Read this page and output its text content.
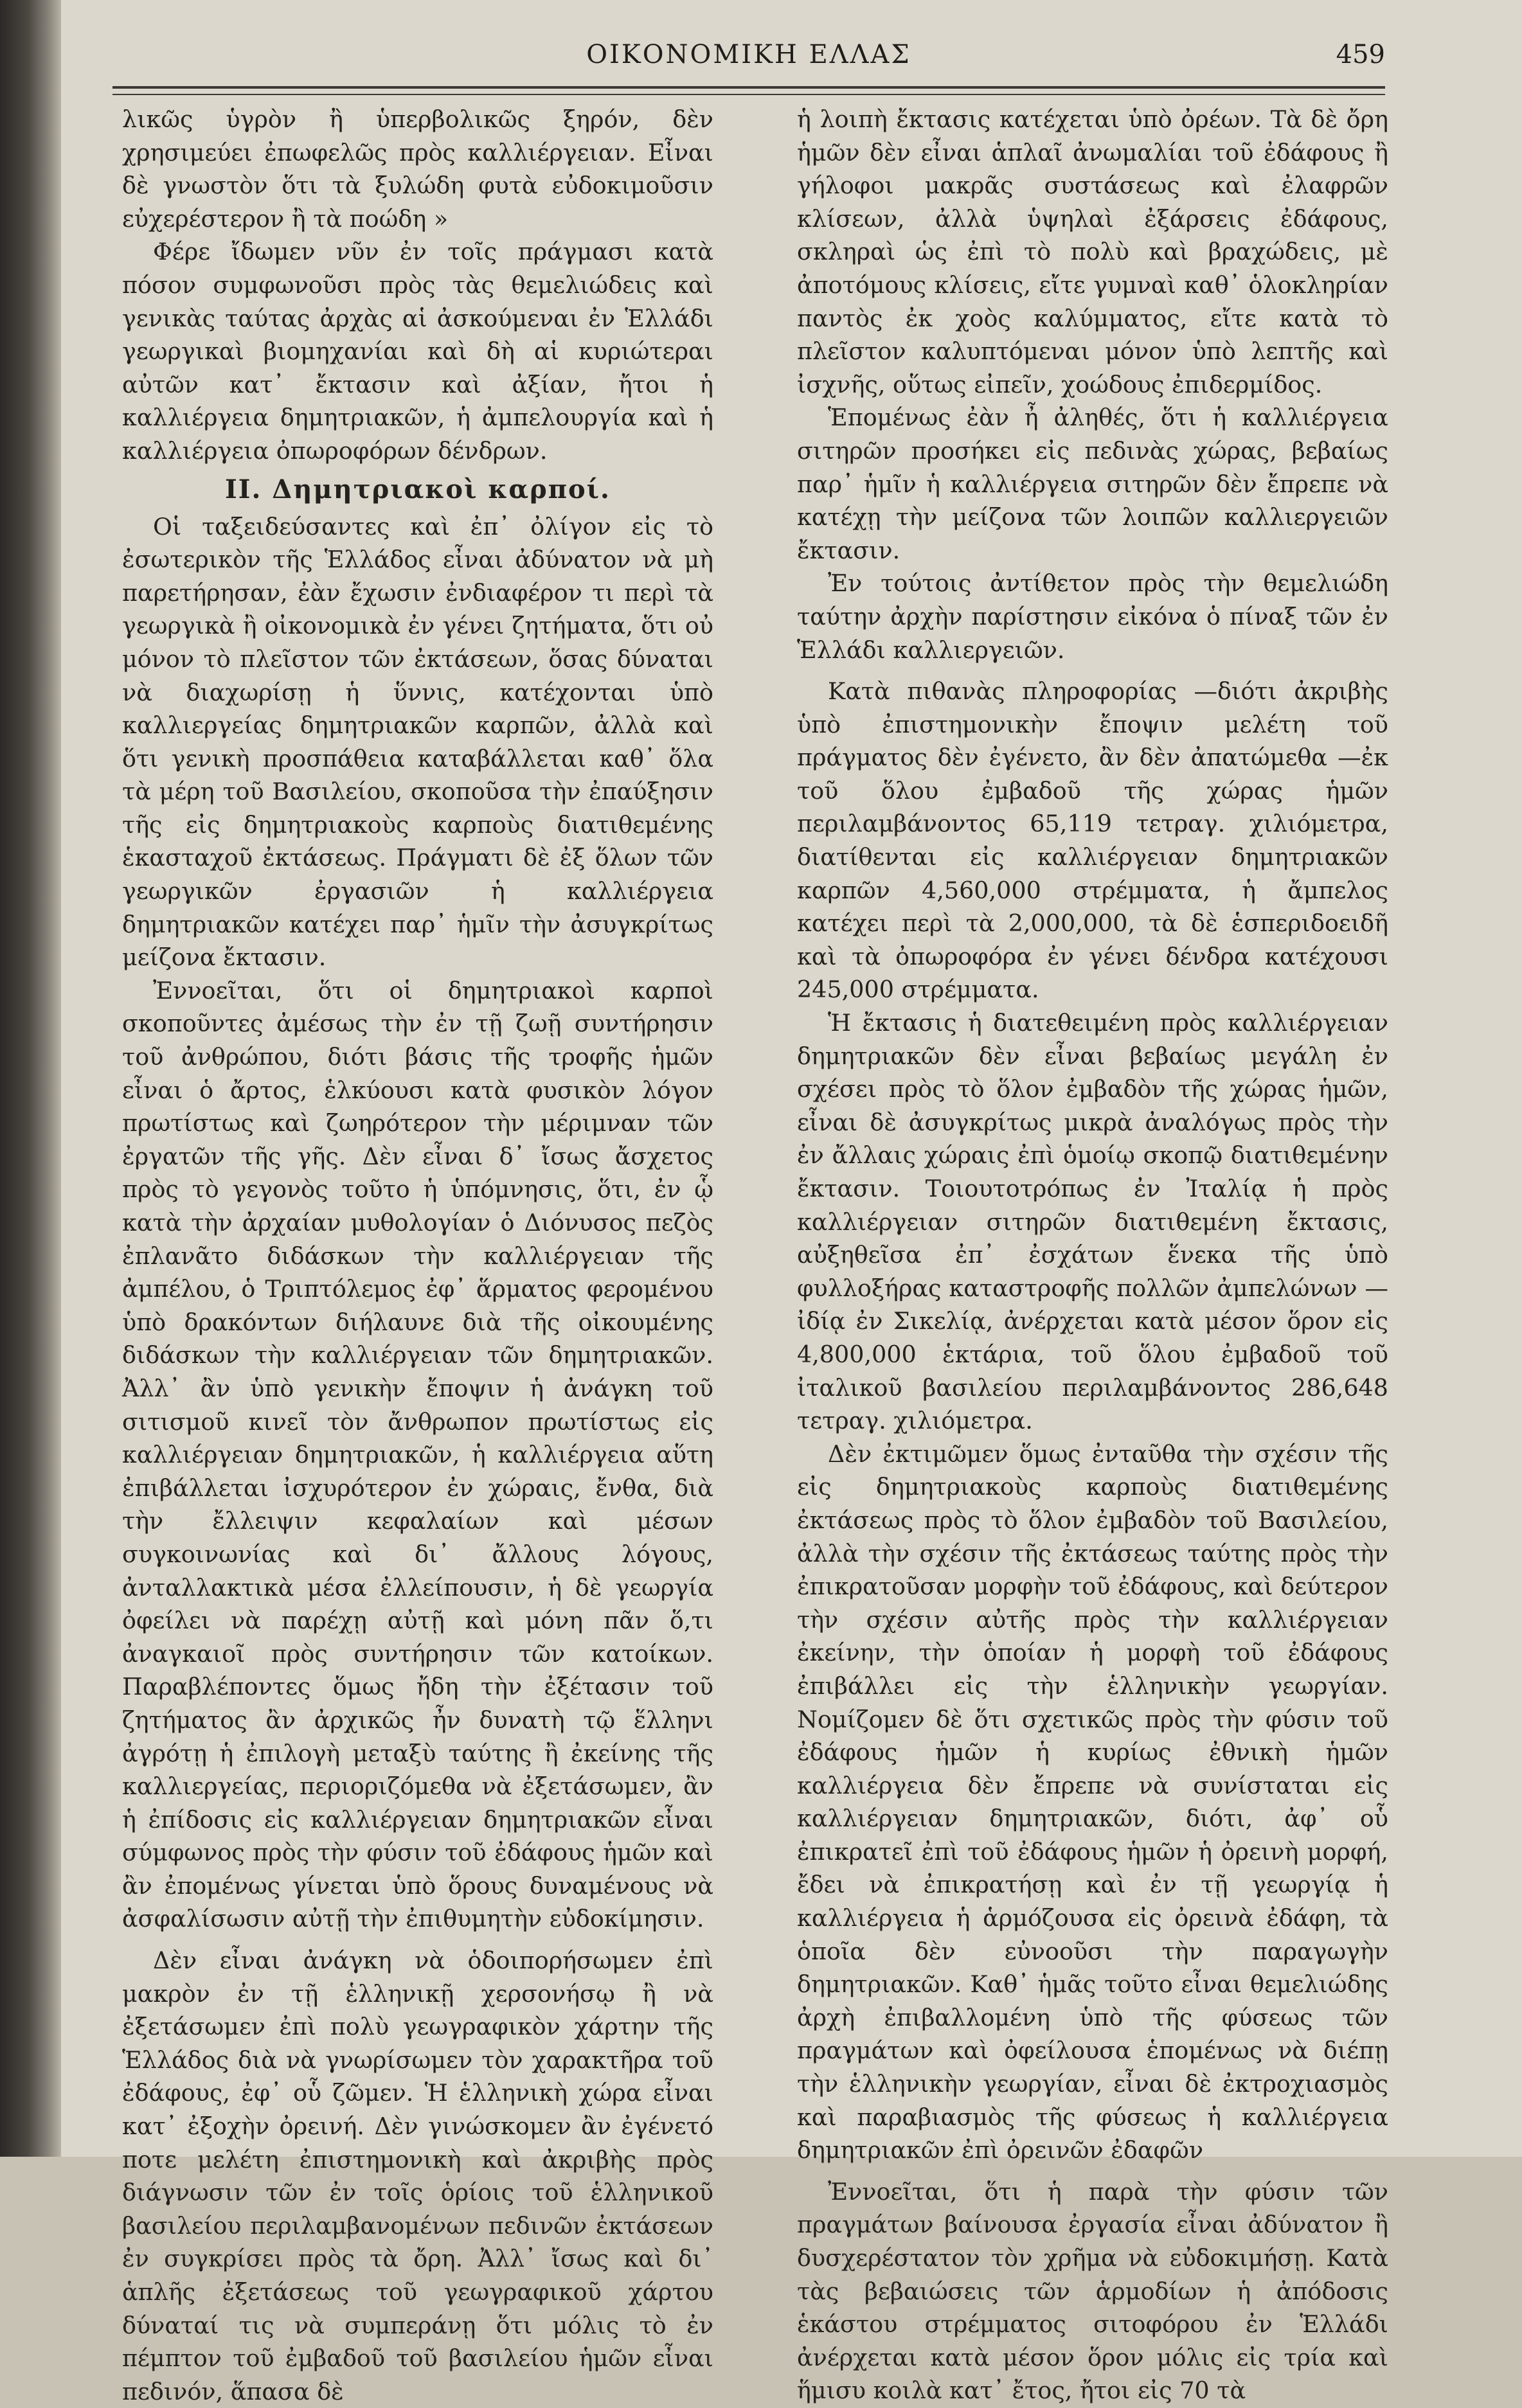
ΟΙΚΟΝΟΜΙΚΗ ΕΛΛΑΣ	459

λικῶς ὑγρὸν ἢ ὑπερβολικῶς ξηρόν, δὲν χρησιμεύει ἐπωφελῶς πρὸς καλλιέργειαν. Εἶναι δὲ γνωστὸν ὅτι τὰ ξυλώδη φυτὰ εὐδοκιμοῦσιν εὐχερέστερον ἢ τὰ ποώδη »

Φέρε ἴδωμεν νῦν ἐν τοῖς πράγμασι κατὰ πόσον συμφωνοῦσι πρὸς τὰς θεμελιώδεις καὶ γενικὰς ταύτας ἀρχὰς αἱ ἀσκούμεναι ἐν Ἑλλάδι γεωργικαὶ βιομηχανίαι καὶ δὴ αἱ κυριώτεραι αὐτῶν κατ᾽ ἔκτασιν καὶ ἀξίαν, ἤτοι ἡ καλλιέργεια δημητριακῶν, ἡ ἀμπελουργία καὶ ἡ καλλιέργεια ὀπωροφόρων δένδρων.

ΙΙ. Δημητριακοὶ καρποί.

Οἱ ταξειδεύσαντες καὶ ἐπ᾽ ὀλίγον εἰς τὸ ἐσωτερικὸν τῆς Ἑλλάδος εἶναι ἀδύνατον νὰ μὴ παρετήρησαν, ἐὰν ἔχωσιν ἐνδιαφέρον τι περὶ τὰ γεωργικὰ ἢ οἰκονομικὰ ἐν γένει ζητήματα, ὅτι οὐ μόνον τὸ πλεῖστον τῶν ἐκτάσεων, ὅσας δύναται νὰ διαχωρίσῃ ἡ ὕννις, κατέχονται ὑπὸ καλλιεργείας δημητριακῶν καρπῶν, ἀλλὰ καὶ ὅτι γενικὴ προσπάθεια καταβάλλεται καθ᾽ ὅλα τὰ μέρη τοῦ Βασιλείου, σκοποῦσα τὴν ἐπαύξησιν τῆς εἰς δημητριακοὺς καρποὺς διατιθεμένης ἑκασταχοῦ ἐκτάσεως. Πράγματι δὲ ἐξ ὅλων τῶν γεωργικῶν ἐργασιῶν ἡ καλλιέργεια δημητριακῶν κατέχει παρ᾽ ἡμῖν τὴν ἀσυγκρίτως μείζονα ἔκτασιν.

Ἐννοεῖται, ὅτι οἱ δημητριακοὶ καρποὶ σκοποῦντες ἀμέσως τὴν ἐν τῇ ζωῇ συντήρησιν τοῦ ἀνθρώπου, διότι βάσις τῆς τροφῆς ἡμῶν εἶναι ὁ ἄρτος, ἑλκύουσι κατὰ φυσικὸν λόγον πρωτίστως καὶ ζωηρότερον τὴν μέριμναν τῶν ἐργατῶν τῆς γῆς. Δὲν εἶναι δ᾽ ἴσως ἄσχετος πρὸς τὸ γεγονὸς τοῦτο ἡ ὑπόμνησις, ὅτι, ἐν ᾧ κατὰ τὴν ἀρχαίαν μυθολογίαν ὁ Διόνυσος πεζὸς ἐπλανᾶτο διδάσκων τὴν καλλιέργειαν τῆς ἀμπέλου, ὁ Τριπτόλεμος ἐφ᾽ ἅρματος φερομένου ὑπὸ δρακόντων διήλαυνε διὰ τῆς οἰκουμένης διδάσκων τὴν καλλιέργειαν τῶν δημητριακῶν. Ἀλλ᾽ ἂν ὑπὸ γενικὴν ἔποψιν ἡ ἀνάγκη τοῦ σιτισμοῦ κινεῖ τὸν ἄνθρωπον πρωτίστως εἰς καλλιέργειαν δημητριακῶν, ἡ καλλιέργεια αὕτη ἐπιβάλλεται ἰσχυρότερον ἐν χώραις, ἔνθα, διὰ τὴν ἔλλειψιν κεφαλαίων καὶ μέσων συγκοινωνίας καὶ δι᾽ ἄλλους λόγους, ἀνταλλακτικὰ μέσα ἐλλείπουσιν, ἡ δὲ γεωργία ὀφείλει νὰ παρέχῃ αὐτῇ καὶ μόνη πᾶν ὅ,τι ἀναγκαιοῖ πρὸς συντήρησιν τῶν κατοίκων. Παραβλέποντες ὅμως ἤδη τὴν ἐξέτασιν τοῦ ζητήματος ἂν ἀρχικῶς ἦν δυνατὴ τῷ ἕλληνι ἀγρότῃ ἡ ἐπιλογὴ μεταξὺ ταύτης ἢ ἐκείνης τῆς καλλιεργείας, περιοριζόμεθα νὰ ἐξετάσωμεν, ἂν ἡ ἐπίδοσις εἰς καλλιέργειαν δημητριακῶν εἶναι σύμφωνος πρὸς τὴν φύσιν τοῦ ἐδάφους ἡμῶν καὶ ἂν ἐπομένως γίνεται ὑπὸ ὅρους δυναμένους νὰ ἀσφαλίσωσιν αὐτῇ τὴν ἐπιθυμητὴν εὐδοκίμησιν.

Δὲν εἶναι ἀνάγκη νὰ ὁδοιπορήσωμεν ἐπὶ μακρὸν ἐν τῇ ἑλληνικῇ χερσονήσῳ ἢ νὰ ἐξετάσωμεν ἐπὶ πολὺ γεωγραφικὸν χάρτην τῆς Ἑλλάδος διὰ νὰ γνωρίσωμεν τὸν χαρακτῆρα τοῦ ἐδάφους, ἐφ᾽ οὗ ζῶμεν. Ἡ ἑλληνικὴ χώρα εἶναι κατ᾽ ἐξοχὴν ὀρεινή. Δὲν γινώσκομεν ἂν ἐγένετό ποτε μελέτη ἐπιστημονικὴ καὶ ἀκριβὴς πρὸς διάγνωσιν τῶν ἐν τοῖς ὁρίοις τοῦ ἑλληνικοῦ βασιλείου περιλαμβανομένων πεδινῶν ἐκτάσεων ἐν συγκρίσει πρὸς τὰ ὄρη. Ἀλλ᾽ ἴσως καὶ δι᾽ ἁπλῆς ἐξετάσεως τοῦ γεωγραφικοῦ χάρτου δύναταί τις νὰ συμπεράνῃ ὅτι μόλις τὸ ἐν πέμπτον τοῦ ἐμβαδοῦ τοῦ βασιλείου ἡμῶν εἶναι πεδινόν, ἅπασα δὲ

ἡ λοιπὴ ἔκτασις κατέχεται ὑπὸ ὀρέων. Τὰ δὲ ὄρη ἡμῶν δὲν εἶναι ἁπλαῖ ἀνωμαλίαι τοῦ ἐδάφους ἢ γήλοφοι μακρᾶς συστάσεως καὶ ἐλαφρῶν κλίσεων, ἀλλὰ ὑψηλαὶ ἐξάρσεις ἐδάφους, σκληραὶ ὡς ἐπὶ τὸ πολὺ καὶ βραχώδεις, μὲ ἀποτόμους κλίσεις, εἴτε γυμναὶ καθ᾽ ὁλοκληρίαν παντὸς ἐκ χοὸς καλύμματος, εἴτε κατὰ τὸ πλεῖστον καλυπτόμεναι μόνον ὑπὸ λεπτῆς καὶ ἰσχνῆς, οὕτως εἰπεῖν, χοώδους ἐπιδερμίδος.

Ἑπομένως ἐὰν ἦ ἀληθές, ὅτι ἡ καλλιέργεια σιτηρῶν προσήκει εἰς πεδινὰς χώρας, βεβαίως παρ᾽ ἡμῖν ἡ καλλιέργεια σιτηρῶν δὲν ἔπρεπε νὰ κατέχῃ τὴν μείζονα τῶν λοιπῶν καλλιεργειῶν ἔκτασιν.

Ἐν τούτοις ἀντίθετον πρὸς τὴν θεμελιώδη ταύτην ἀρχὴν παρίστησιν εἰκόνα ὁ πίναξ τῶν ἐν Ἑλλάδι καλλιεργειῶν.

Κατὰ πιθανὰς πληροφορίας —διότι ἀκριβὴς ὑπὸ ἐπιστημονικὴν ἔποψιν μελέτη τοῦ πράγματος δὲν ἐγένετο, ἂν δὲν ἀπατώμεθα —ἐκ τοῦ ὅλου ἐμβαδοῦ τῆς χώρας ἡμῶν περιλαμβάνοντος 65,119 τετραγ. χιλιόμετρα, διατίθενται εἰς καλλιέργειαν δημητριακῶν καρπῶν 4,560,000 στρέμματα, ἡ ἄμπελος κατέχει περὶ τὰ 2,000,000, τὰ δὲ ἑσπεριδοειδῆ καὶ τὰ ὀπωροφόρα ἐν γένει δένδρα κατέχουσι 245,000 στρέμματα.

Ἡ ἔκτασις ἡ διατεθειμένη πρὸς καλλιέργειαν δημητριακῶν δὲν εἶναι βεβαίως μεγάλη ἐν σχέσει πρὸς τὸ ὅλον ἐμβαδὸν τῆς χώρας ἡμῶν, εἶναι δὲ ἀσυγκρίτως μικρὰ ἀναλόγως πρὸς τὴν ἐν ἄλλαις χώραις ἐπὶ ὁμοίῳ σκοπῷ διατιθεμένην ἔκτασιν. Τοιουτοτρόπως ἐν Ἰταλίᾳ ἡ πρὸς καλλιέργειαν σιτηρῶν διατιθεμένη ἔκτασις, αὐξηθεῖσα ἐπ᾽ ἐσχάτων ἕνεκα τῆς ὑπὸ φυλλοξήρας καταστροφῆς πολλῶν ἀμπελώνων — ἰδίᾳ ἐν Σικελίᾳ, ἀνέρχεται κατὰ μέσον ὅρον εἰς 4,800,000 ἑκτάρια, τοῦ ὅλου ἐμβαδοῦ τοῦ ἰταλικοῦ βασιλείου περιλαμβάνοντος 286,648 τετραγ. χιλιόμετρα.

Δὲν ἐκτιμῶμεν ὅμως ἐνταῦθα τὴν σχέσιν τῆς εἰς δημητριακοὺς καρποὺς διατιθεμένης ἐκτάσεως πρὸς τὸ ὅλον ἐμβαδὸν τοῦ Βασιλείου, ἀλλὰ τὴν σχέσιν τῆς ἐκτάσεως ταύτης πρὸς τὴν ἐπικρατοῦσαν μορφὴν τοῦ ἐδάφους, καὶ δεύτερον τὴν σχέσιν αὐτῆς πρὸς τὴν καλλιέργειαν ἐκείνην, τὴν ὁποίαν ἡ μορφὴ τοῦ ἐδάφους ἐπιβάλλει εἰς τὴν ἑλληνικὴν γεωργίαν. Νομίζομεν δὲ ὅτι σχετικῶς πρὸς τὴν φύσιν τοῦ ἐδάφους ἡμῶν ἡ κυρίως ἐθνικὴ ἡμῶν καλλιέργεια δὲν ἔπρεπε νὰ συνίσταται εἰς καλλιέργειαν δημητριακῶν, διότι, ἀφ᾽ οὗ ἐπικρατεῖ ἐπὶ τοῦ ἐδάφους ἡμῶν ἡ ὀρεινὴ μορφή, ἔδει νὰ ἐπικρατήσῃ καὶ ἐν τῇ γεωργίᾳ ἡ καλλιέργεια ἡ ἁρμόζουσα εἰς ὀρεινὰ ἐδάφη, τὰ ὁποῖα δὲν εὐνοοῦσι τὴν παραγωγὴν δημητριακῶν. Καθ᾽ ἡμᾶς τοῦτο εἶναι θεμελιώδης ἀρχὴ ἐπιβαλλομένη ὑπὸ τῆς φύσεως τῶν πραγμάτων καὶ ὀφείλουσα ἑπομένως νὰ διέπῃ τὴν ἑλληνικὴν γεωργίαν, εἶναι δὲ ἐκτροχιασμὸς καὶ παραβιασμὸς τῆς φύσεως ἡ καλλιέργεια δημητριακῶν ἐπὶ ὀρεινῶν ἐδαφῶν

Ἐννοεῖται, ὅτι ἡ παρὰ τὴν φύσιν τῶν πραγμάτων βαίνουσα ἐργασία εἶναι ἀδύνατον ἢ δυσχερέστατον τὸν χρῆμα νὰ εὐδοκιμήσῃ. Κατὰ τὰς βεβαιώσεις τῶν ἁρμοδίων ἡ ἀπόδοσις ἑκάστου στρέμματος σιτοφόρου ἐν Ἑλλάδι ἀνέρχεται κατὰ μέσον ὅρον μόλις εἰς τρία καὶ ἥμισυ κοιλὰ κατ᾽ ἔτος, ἤτοι εἰς 70 τὰ
